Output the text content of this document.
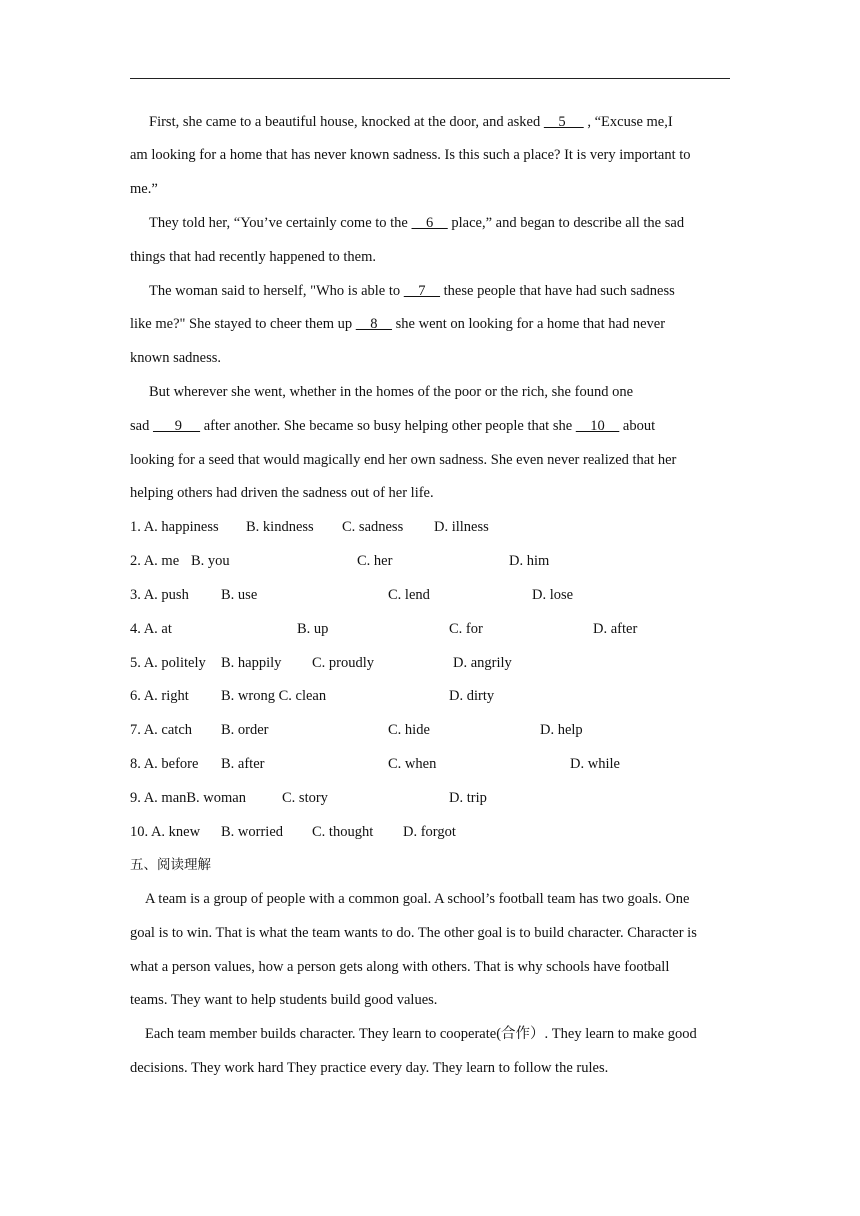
First, she came to a beautiful house, knocked at the door, and asked     5      , “Excuse me,I
am looking for a home that has never known sadness. Is this such a place? It is very important to
me.”
They told her, “You’ve certainly come to the     6     place,” and began to describe all the sad
things that had recently happened to them.
The woman said to herself, "Who is able to     7     these people that have had such sadness
like me?" She stayed to cheer them up     8     she went on looking for a home that had never
known sadness.
But wherever she went, whether in the homes of the poor or the rich, she found one
sad       9      after another. She became so busy helping other people that she     10     about
looking for a seed that would magically end her own sadness. She even never realized that her
helping others had driven the sadness out of her life.
1. A. happiness B. kindness C. sadness D. illness
2. A. me B. you	C. her	D. him
3. A. push B. use	C. lend	D. lose
4. A. at	B. up	C. for	D. after
5. A. politely B. happily C. proudly	D. angrily
6. A. right B. wrong C. clean	D. dirty
7. A. catch B. order	C. hide	D. help
8. A. before B. after	C. when	D. while
9. A. manB. woman C. story	D. trip
10. A. knew B. worried C. thought D. forgot
五、阅读理解
A team is a group of people with a common goal. A school’s football team has two goals. One
goal is to win. That is what the team wants to do. The other goal is to build character. Character is
what a person values, how a person gets along with others. That is why schools have football
teams. They want to help students build good values.
Each team member builds character. They learn to cooperate(合作）. They learn to make good
decisions. They work hard They practice every day. They learn to follow the rules.
